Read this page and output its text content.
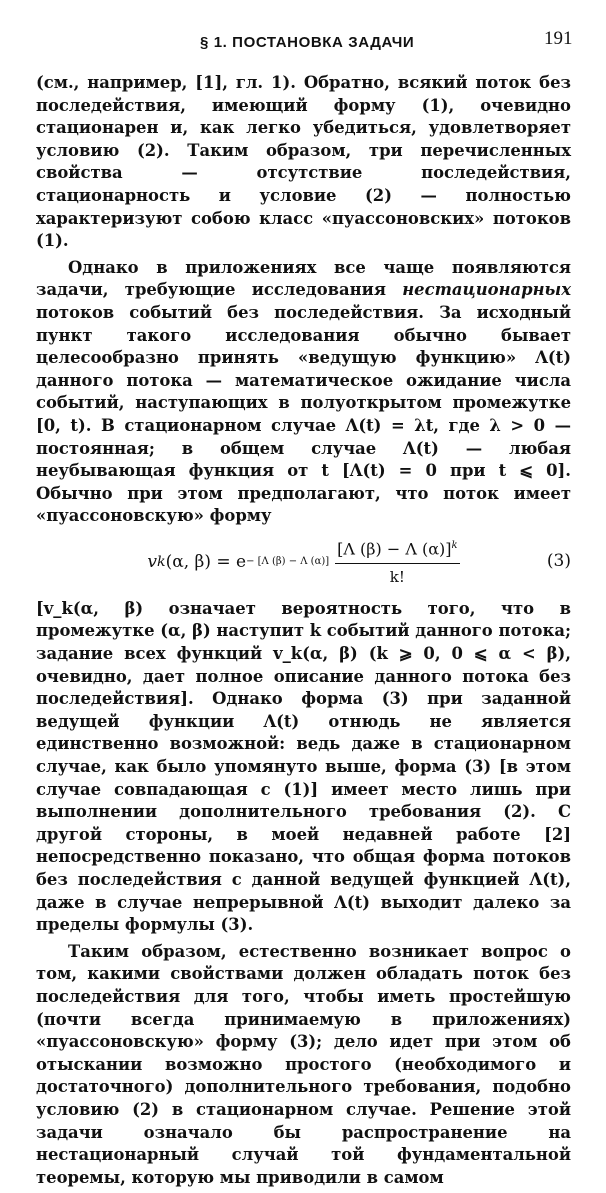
§ 1. ПОСТАНОВКА ЗАДАЧИ	191

(см., например, [1], гл. 1). Обратно, всякий поток без последействия, имеющий форму (1), очевидно стационарен и, как легко убедиться, удовлетворяет условию (2). Таким образом, три перечисленных свойства — отсутствие последействия, стационарность и условие (2) — полностью характеризуют собою класс «пуассоновских» потоков (1).

Однако в приложениях все чаще появляются задачи, требующие исследования нестационарных потоков событий без последействия. За исходный пункт такого исследования обычно бывает целесообразно принять «ведущую функцию» Λ(t) данного потока — математическое ожидание числа событий, наступающих в полуоткрытом промежутке [0, t). В стационарном случае Λ(t) = λt, где λ > 0 — постоянная; в общем случае Λ(t) — любая неубывающая функция от t [Λ(t) = 0 при t ⩽ 0]. Обычно при этом предполагают, что поток имеет «пуассоновскую» форму

v k (α, β) = e − [Λ (β) − Λ $(\alpha)] \frac{[\Lambda (\beta) - \Lambda (\alpha)]^k}{k!}$	(3)

[v_k(α, β) означает вероятность того, что в промежутке (α, β) наступит k событий данного потока; задание всех функций v_k(α, β) (k ⩾ 0, 0 ⩽ α < β), очевидно, дает полное описание данного потока без последействия]. Однако форма (3) при заданной ведущей функции Λ(t) отнюдь не является единственно возможной: ведь даже в стационарном случае, как было упомянуто выше, форма (3) [в этом случае совпадающая с (1)] имеет место лишь при выполнении дополнительного требования (2). С другой стороны, в моей недавней работе [2] непосредственно показано, что общая форма потоков без последействия с данной ведущей функцией Λ(t), даже в случае непрерывной Λ(t) выходит далеко за пределы формулы (3).

Таким образом, естественно возникает вопрос о том, какими свойствами должен обладать поток без последействия для того, чтобы иметь простейшую (почти всегда принимаемую в приложениях) «пуассоновскую» форму (3); дело идет при этом об отыскании возможно простого (необходимого и достаточного) дополнительного требования, подобно условию (2) в стационарном случае. Решение этой задачи означало бы распространение на нестационарный случай той фундаментальной теоремы, которую мы приводили в самом
